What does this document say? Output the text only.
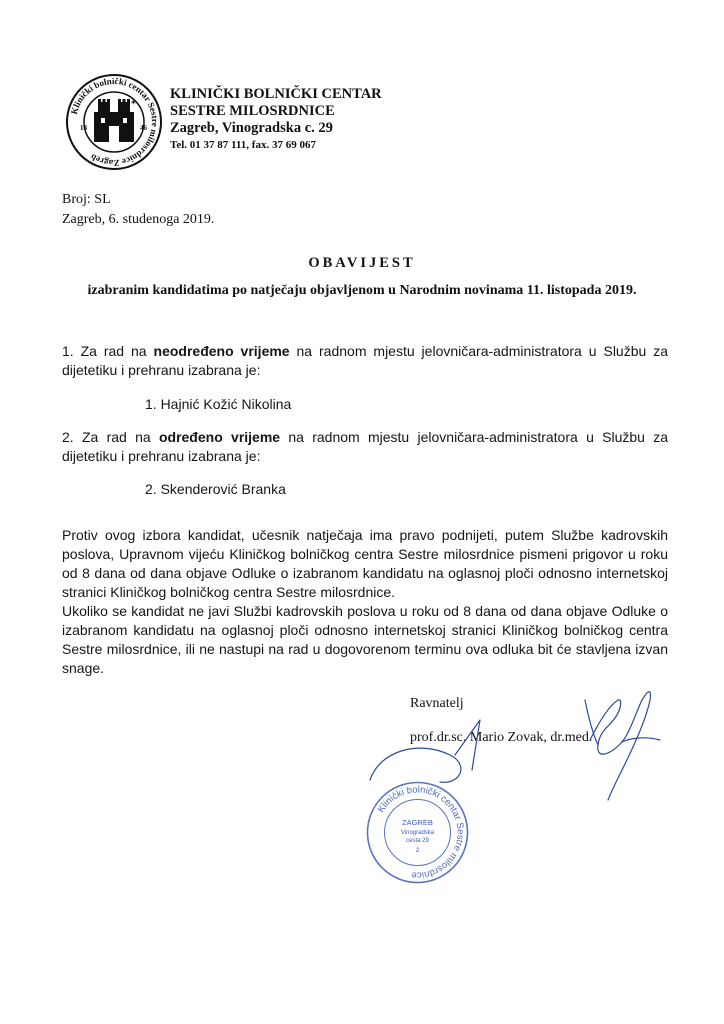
Klinički bolnički centar Sestre milosrdnice Zagreb
18	46
✶
KLINIČKI BOLNIČKI CENTAR
SESTRE MILOSRDNICE
Zagreb, Vinogradska c. 29
Tel. 01 37 87 111, fax. 37 69 067
Broj: SL
Zagreb, 6. studenoga 2019.
OBAVIJEST
izabranim kandidatima po natječaju objavljenom u Narodnim novinama 11. listopada 2019.
1. Za rad na neodređeno vrijeme na radnom mjestu jelovničara-administratora u Službu za dijetetiku i prehranu izabrana je:
1. Hajnić Kožić Nikolina
2. Za rad na određeno vrijeme na radnom mjestu jelovničara-administratora u Službu za dijetetiku i prehranu izabrana je:
2. Skenderović Branka
Protiv ovog izbora kandidat, učesnik natječaja ima pravo podnijeti, putem Službe kadrovskih poslova, Upravnom vijeću Kliničkog bolničkog centra Sestre milosrdnice pismeni prigovor u roku od 8 dana od dana objave Odluke o izabranom kandidatu na oglasnoj ploči odnosno internetskoj stranici Kliničkog bolničkog centra Sestre milosrdnice.
Ukoliko se kandidat ne javi Službi kadrovskih poslova u roku od 8 dana od dana objave Odluke o izabranom kandidatu na oglasnoj ploči odnosno internetskoj stranici Kliničkog bolničkog centra Sestre milosrdnice, ili ne nastupi na rad u dogovorenom terminu ova odluka bit će stavljena izvan snage.
Ravnatelj
prof.dr.sc. Mario Zovak, dr.med.
Klinički bolnički centar Sestre milosrdnice
ZAGREB
Vinogradska
cesta 29
2
